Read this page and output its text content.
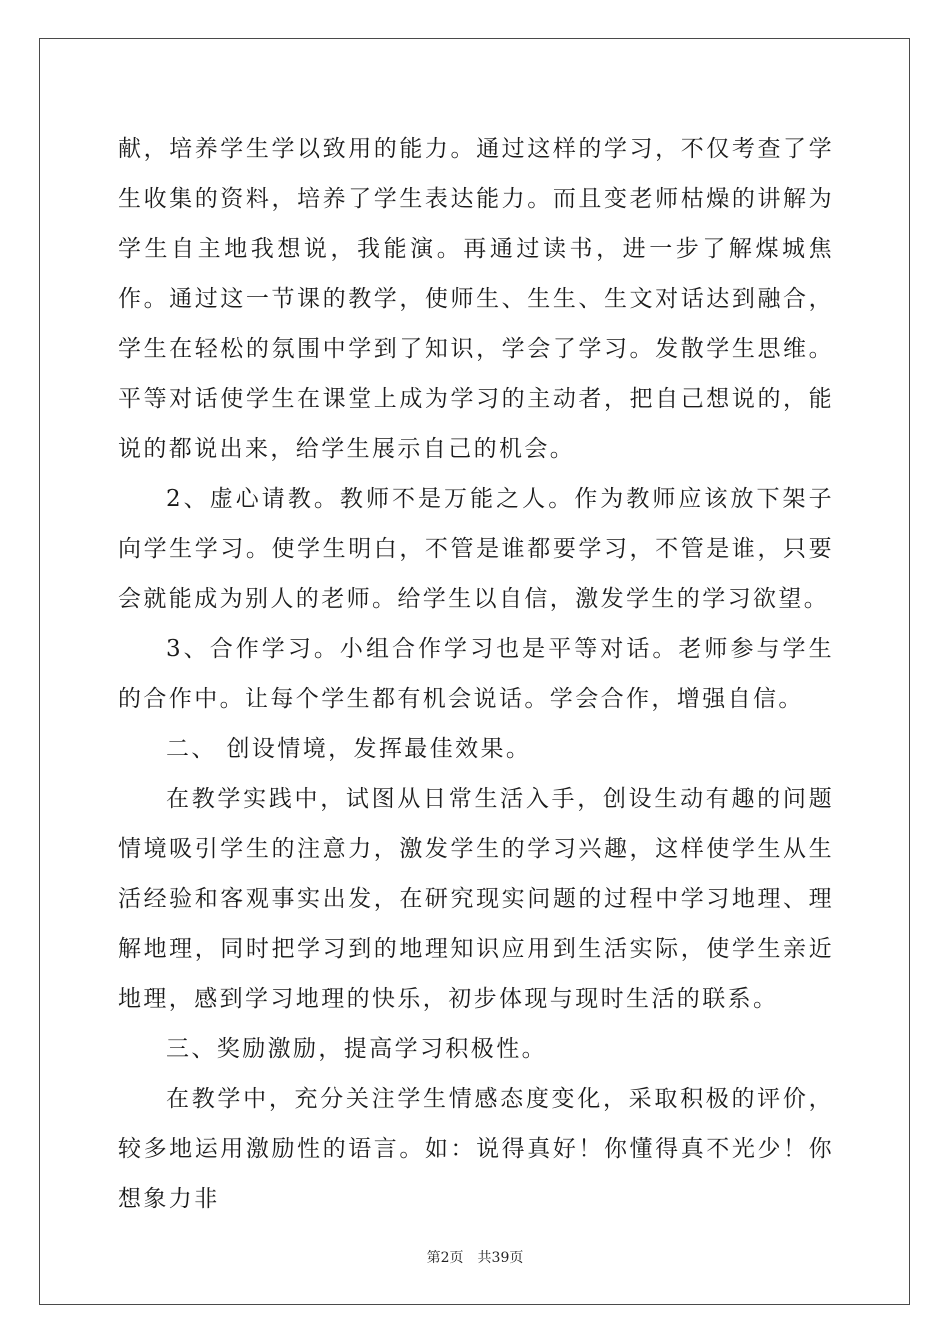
献，培养学生学以致用的能力。通过这样的学习，不仅考查了学生收集的资料，培养了学生表达能力。而且变老师枯燥的讲解为学生自主地我想说，我能演。再通过读书，进一步了解煤城焦作。通过这一节课的教学，使师生、生生、生文对话达到融合，学生在轻松的氛围中学到了知识，学会了学习。发散学生思维。平等对话使学生在课堂上成为学习的主动者，把自己想说的，能说的都说出来，给学生展示自己的机会。

2、虚心请教。教师不是万能之人。作为教师应该放下架子向学生学习。使学生明白，不管是谁都要学习，不管是谁，只要会就能成为别人的老师。给学生以自信，激发学生的学习欲望。

3、合作学习。小组合作学习也是平等对话。老师参与学生的合作中。让每个学生都有机会说话。学会合作，增强自信。

二、 创设情境，发挥最佳效果。

在教学实践中，试图从日常生活入手，创设生动有趣的问题情境吸引学生的注意力，激发学生的学习兴趣，这样使学生从生活经验和客观事实出发，在研究现实问题的过程中学习地理、理解地理，同时把学习到的地理知识应用到生活实际，使学生亲近地理，感到学习地理的快乐，初步体现与现时生活的联系。

三、奖励激励，提高学习积极性。

在教学中，充分关注学生情感态度变化，采取积极的评价，较多地运用激励性的语言。如：说得真好！你懂得真不光少！你想象力非

第2页 共39页
